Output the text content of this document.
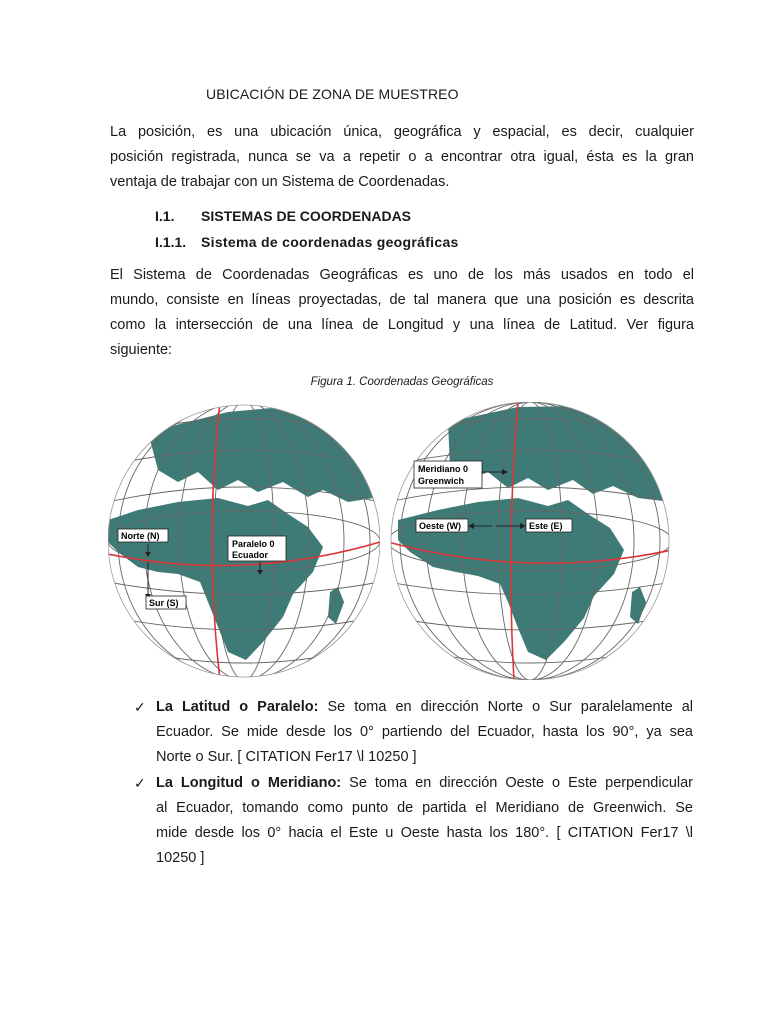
UBICACIÓN DE ZONA DE MUESTREO
La posición, es una ubicación única, geográfica y espacial, es decir, cualquier
posición registrada, nunca se va a repetir o a encontrar otra igual, ésta es la gran
ventaja de trabajar con un Sistema de Coordenadas.
I.1. SISTEMAS DE COORDENADAS
I.1.1. Sistema de coordenadas geográficas
El Sistema de Coordenadas Geográficas es uno de los más usados en todo el
mundo, consiste en líneas proyectadas, de tal manera que una posición es descrita
como la intersección de una línea de Longitud y una línea de Latitud. Ver figura
siguiente:
Figura 1. Coordenadas Geográficas
Norte (N)
Sur (S)
Paralelo 0
Ecuador
Meridiano 0
Greenwich
Oeste (W)	Este (E)
✓ La Latitud o Paralelo: Se toma en dirección Norte o Sur paralelamente al
Ecuador. Se mide desde los 0° partiendo del Ecuador, hasta los 90°, ya sea
Norte o Sur. [ CITATION Fer17 \l 10250 ]
✓ La Longitud o Meridiano: Se toma en dirección Oeste o Este perpendicular
al Ecuador, tomando como punto de partida el Meridiano de Greenwich. Se
mide desde los 0° hacia el Este u Oeste hasta los 180°. [ CITATION Fer17 \l
10250 ]
